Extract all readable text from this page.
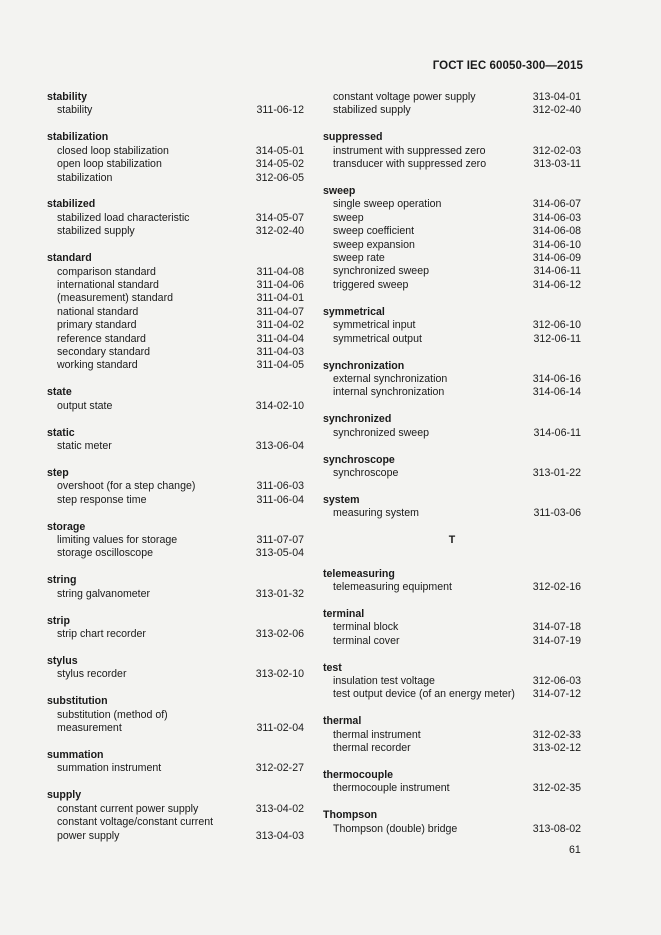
ГОСТ IEC 60050-300—2015
stability
stability	311-06-12
stabilization
closed loop stabilization	314-05-01
open loop stabilization	314-05-02
stabilization	312-06-05
stabilized
stabilized load characteristic	314-05-07
stabilized supply	312-02-40
standard
comparison standard	311-04-08
international standard	311-04-06
(measurement) standard	311-04-01
national standard	311-04-07
primary standard	311-04-02
reference standard	311-04-04
secondary standard	311-04-03
working standard	311-04-05
state
output state	314-02-10
static
static meter	313-06-04
step
overshoot (for a step change)	311-06-03
step response time	311-06-04
storage
limiting values for storage	311-07-07
storage oscilloscope	313-05-04
string
string galvanometer	313-01-32
strip
strip chart recorder	313-02-06
stylus
stylus recorder	313-02-10
substitution
substitution (method of)
measurement	311-02-04
summation
summation instrument	312-02-27
supply
constant current power supply	313-04-02
constant voltage/constant current
power supply	313-04-03
constant voltage power supply	313-04-01
stabilized supply	312-02-40
suppressed
instrument with suppressed zero	312-02-03
transducer with suppressed zero	313-03-11
sweep
single sweep operation	314-06-07
sweep	314-06-03
sweep coefficient	314-06-08
sweep expansion	314-06-10
sweep rate	314-06-09
synchronized sweep	314-06-11
triggered sweep	314-06-12
symmetrical
symmetrical input	312-06-10
symmetrical output	312-06-11
synchronization
external synchronization	314-06-16
internal synchronization	314-06-14
synchronized
synchronized sweep	314-06-11
synchroscope
synchroscope	313-01-22
system
measuring system	311-03-06
T
telemeasuring
telemeasuring equipment	312-02-16
terminal
terminal block	314-07-18
terminal cover	314-07-19
test
insulation test voltage	312-06-03
test output device (of an energy meter) 314-07-12
thermal
thermal instrument	312-02-33
thermal recorder	313-02-12
thermocouple
thermocouple instrument	312-02-35
Thompson
Thompson (double) bridge	313-08-02
61
